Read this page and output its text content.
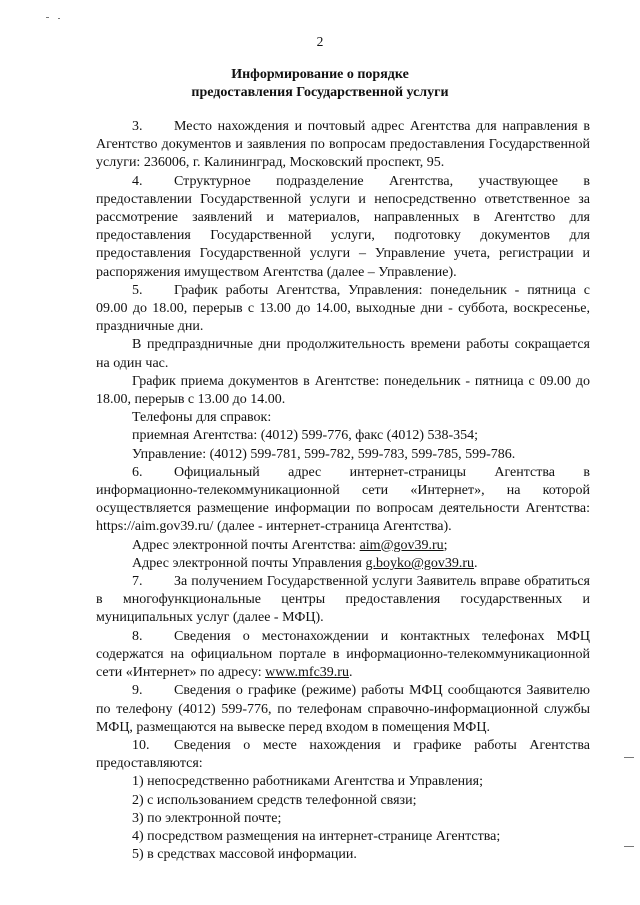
2
Информирование о порядке
предоставления Государственной услуги

3. Место нахождения и почтовый адрес Агентства для направления в Агентство документов и заявления по вопросам предоставления Государственной услуги: 236006, г. Калининград, Московский проспект, 95.

4. Структурное подразделение Агентства, участвующее в предоставлении Государственной услуги и непосредственно ответственное за рассмотрение заявлений и материалов, направленных в Агентство для предоставления Государственной услуги, подготовку документов для предоставления Государственной услуги – Управление учета, регистрации и распоряжения имуществом Агентства (далее – Управление).

5. График работы Агентства, Управления: понедельник - пятница с 09.00 до 18.00, перерыв с 13.00 до 14.00, выходные дни - суббота, воскресенье, праздничные дни.

В предпраздничные дни продолжительность времени работы сокращается на один час.

График приема документов в Агентстве: понедельник - пятница с 09.00 до 18.00, перерыв с 13.00 до 14.00.

Телефоны для справок:

приемная Агентства: (4012) 599-776, факс (4012) 538-354;

Управление: (4012) 599-781, 599-782, 599-783, 599-785, 599-786.

6. Официальный адрес интернет-страницы Агентства в информационно-телекоммуникационной сети «Интернет», на которой осуществляется размещение информации по вопросам деятельности Агентства: https://aim.gov39.ru/ (далее - интернет-страница Агентства).

Адрес электронной почты Агентства: aim@gov39.ru;

Адрес электронной почты Управления g.boyko@gov39.ru.

7. За получением Государственной услуги Заявитель вправе обратиться в многофункциональные центры предоставления государственных и муниципальных услуг (далее - МФЦ).

8. Сведения о местонахождении и контактных телефонах МФЦ содержатся на официальном портале в информационно-телекоммуникационной сети «Интернет» по адресу: www.mfc39.ru.

9. Сведения о графике (режиме) работы МФЦ сообщаются Заявителю по телефону (4012) 599-776, по телефонам справочно-информационной службы МФЦ, размещаются на вывеске перед входом в помещения МФЦ.

10. Сведения о месте нахождения и графике работы Агентства предоставляются:

1) непосредственно работниками Агентства и Управления;

2) с использованием средств телефонной связи;

3) по электронной почте;

4) посредством размещения на интернет-странице Агентства;

5) в средствах массовой информации.
